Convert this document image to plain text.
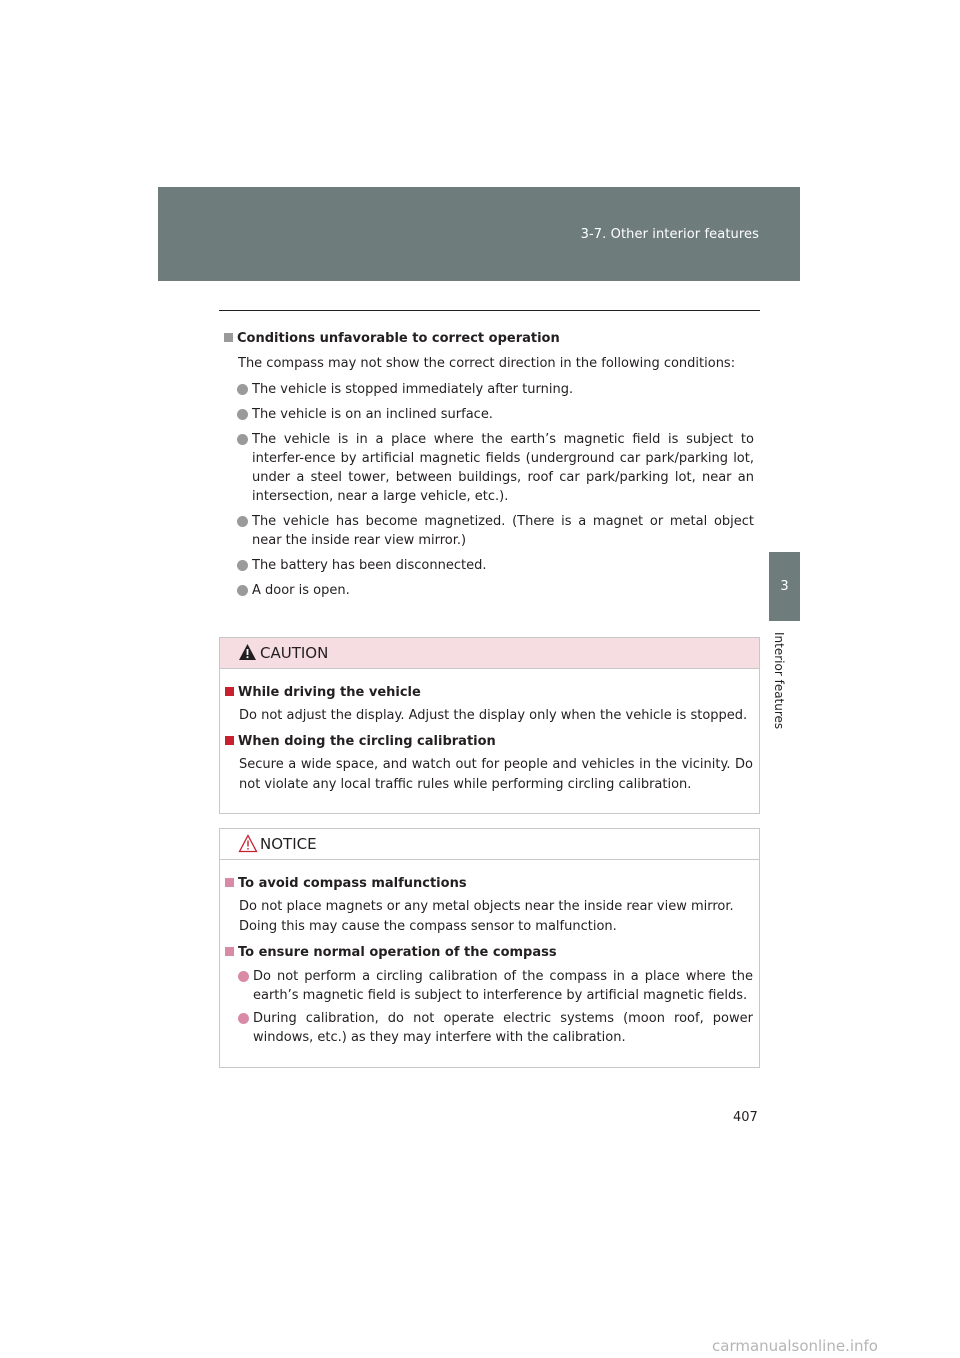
3-7. Other interior features
3
Interior features
Conditions unfavorable to correct operation
The compass may not show the correct direction in the following conditions:
The vehicle is stopped immediately after turning.
The vehicle is on an inclined surface.
The vehicle is in a place where the earth’s magnetic field is subject to interfer-ence by artificial magnetic fields (underground car park/parking lot, under a steel tower, between buildings, roof car park/parking lot, near an intersection, near a large vehicle, etc.).
The vehicle has become magnetized. (There is a magnet or metal object near the inside rear view mirror.)
The battery has been disconnected.
A door is open.
CAUTION
While driving the vehicle
Do not adjust the display. Adjust the display only when the vehicle is stopped.
When doing the circling calibration
Secure a wide space, and watch out for people and vehicles in the vicinity. Do not violate any local traffic rules while performing circling calibration.
NOTICE
To avoid compass malfunctions
Do not place magnets or any metal objects near the inside rear view mirror.
Doing this may cause the compass sensor to malfunction.
To ensure normal operation of the compass
Do not perform a circling calibration of the compass in a place where the earth’s magnetic field is subject to interference by artificial magnetic fields.
During calibration, do not operate electric systems (moon roof, power windows, etc.) as they may interfere with the calibration.
407
carmanualsonline.info
